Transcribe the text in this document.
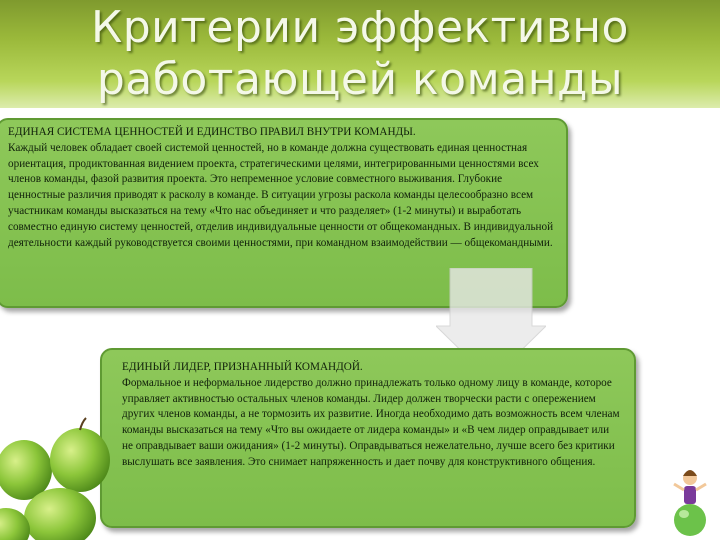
Критерии эффективно работающей команды
ЕДИНАЯ СИСТЕМА ЦЕННОСТЕЙ И ЕДИНСТВО ПРАВИЛ ВНУТРИ КОМАНДЫ.

Каждый человек обладает своей системой ценностей, но в команде должна существовать единая ценностная ориентация, продиктованная видением проекта, стратегическими целями, интегрированными ценностями всех членов команды, фазой развития проекта. Это непременное условие совместного выживания. Глубокие ценностные различия приводят к расколу в команде. В ситуации угрозы раскола команды целесообразно всем участникам команды высказаться на тему «Что нас объединяет и что разделяет» (1-2 минуты) и выработать совместно единую систему ценностей, отделив индивидуальные ценности от общекомандных. В индивидуальной деятельности каждый руководствуется своими ценностями, при командном взаимодействии — общекомандными.

ЕДИНЫЙ ЛИДЕР, ПРИЗНАННЫЙ КОМАНДОЙ.

Формальное и неформальное лидерство должно принадлежать только одному лицу в команде, которое управляет активностью остальных членов команды. Лидер должен творчески расти с опережением других членов команды, а не тормозить их развитие. Иногда необходимо дать возможность всем членам команды высказаться на тему «Что вы ожидаете от лидера команды» и «В чем лидер оправдывает или не оправдывает ваши ожидания» (1-2 минуты). Оправдываться нежелательно, лучше всего без критики выслушать все заявления. Это снимает напряженность и дает почву для конструктивного общения.
